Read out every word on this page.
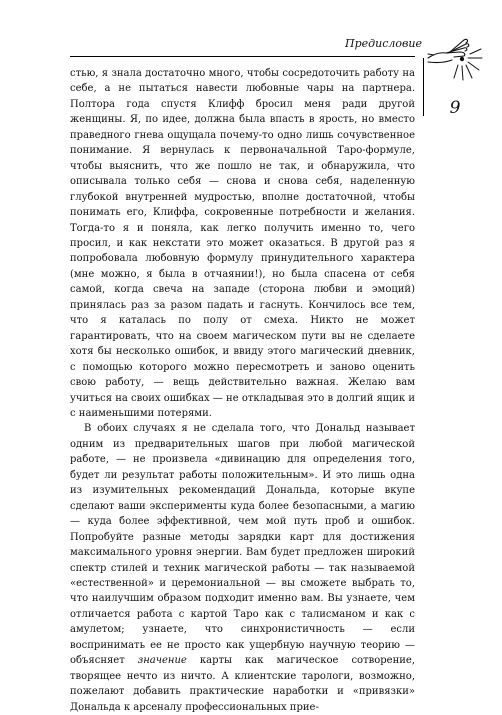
Предисловие
9

стью, я знала достаточно много, чтобы сосредоточить работу на себе, а не пытаться навести любовные чары на партнера. Полтора года спустя Клифф бросил меня ради другой женщины. Я, по идее, должна была впасть в ярость, но вместо праведного гнева ощущала почему-то одно лишь сочувственное понимание. Я вернулась к первоначальной Таро-формуле, чтобы выяснить, что же пошло не так, и обнаружила, что описывала только себя — снова и снова себя, наделенную глубокой внутренней мудростью, вполне достаточной, чтобы понимать его, Клиффа, сокровенные потребности и желания. Тогда-то я и поняла, как легко получить именно то, чего просил, и как некстати это может оказаться. В другой раз я попробовала любовную формулу принудительного характера (мне можно, я была в отчаянии!), но была спасена от себя самой, когда свеча на западе (сторона любви и эмоций) принялась раз за разом падать и гаснуть. Кончилось все тем, что я каталась по полу от смеха. Никто не может гарантировать, что на своем магическом пути вы не сделаете хотя бы несколько ошибок, и ввиду этого магический дневник, с помощью которого можно пересмотреть и заново оценить свою работу, — вещь действительно важная. Желаю вам учиться на своих ошибках — не откладывая это в долгий ящик и с наименьшими потерями.

В обоих случаях я не сделала того, что Дональд называет одним из предварительных шагов при любой магической работе, — не произвела «дивинацию для определения того, будет ли результат работы положительным». И это лишь одна из изумительных рекомендаций Дональда, которые вкупе сделают ваши эксперименты куда более безопасными, а магию — куда более эффективной, чем мой путь проб и ошибок. Попробуйте разные методы зарядки карт для достижения максимального уровня энергии. Вам будет предложен широкий спектр стилей и техник магической работы — так называемой «естественной» и церемониальной — вы сможете выбрать то, что наилучшим образом подходит именно вам. Вы узнаете, чем отличается работа с картой Таро как с талисманом и как с амулетом; узнаете, что синхронистичность — если воспринимать ее не просто как ущербную научную теорию — объясняет значение карты как магическое сотворение, творящее нечто из ничто. А клиентские тарологи, возможно, пожелают добавить практические наработки и «привязки» Дональда к арсеналу профессиональных прие-
